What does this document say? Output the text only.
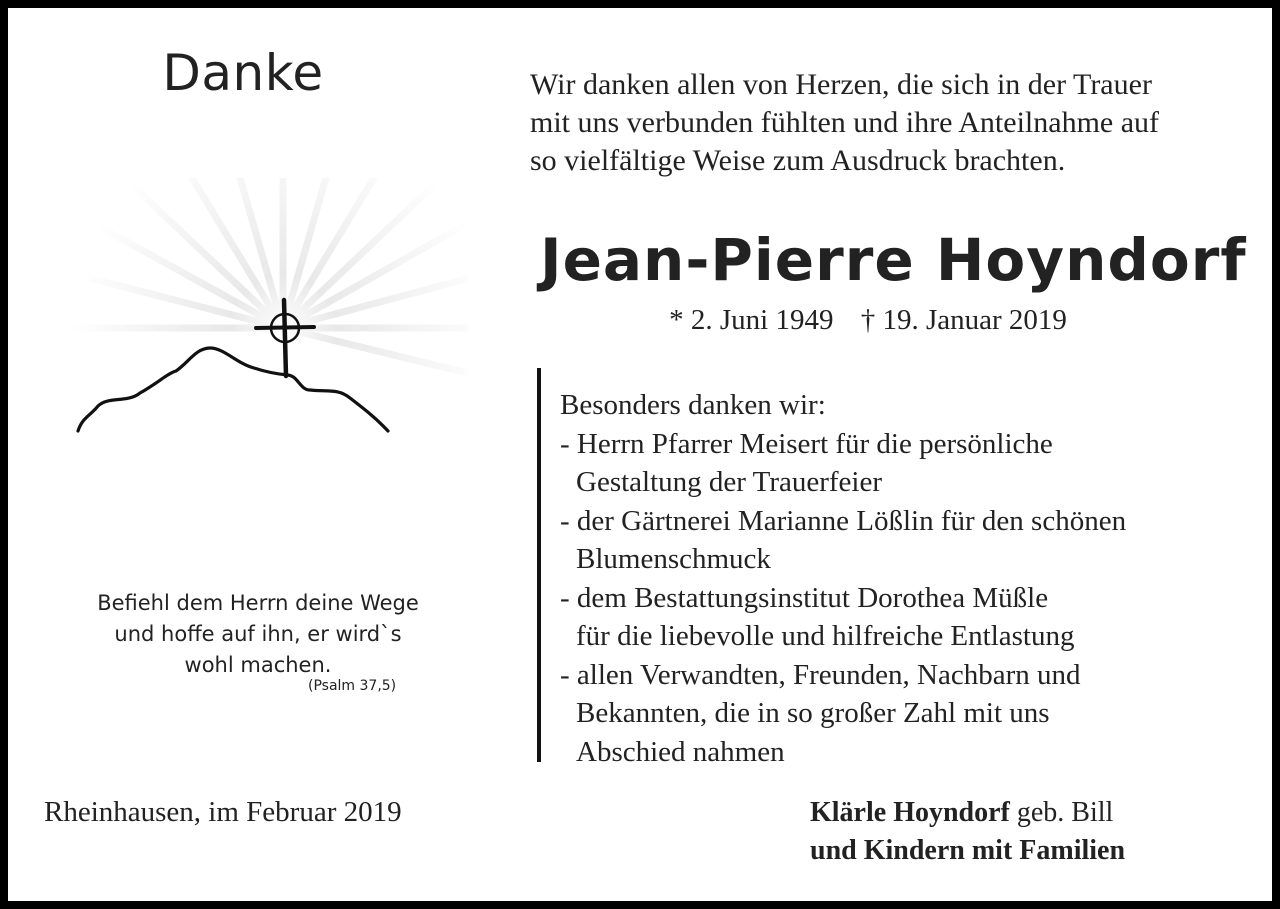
Danke	Wir danken allen von Herzen, die sich in der Trauer
mit uns verbunden fühlten und ihre Anteilnahme auf
so vielfältige Weise zum Ausdruck brachten.

Jean-Pierre Hoyndorf

* 2. Juni 1949 † 19. Januar 2019

Befiehl dem Herrn deine Wege
und hoffe auf ihn, er wird`s
wohl machen.

(Psalm 37,5)

Besonders danken wir:
- Herrn Pfarrer Meisert für die persönliche
Gestaltung der Trauerfeier
- der Gärtnerei Marianne Lößlin für den schönen
Blumenschmuck
- dem Bestattungsinstitut Dorothea Müßle
für die liebevolle und hilfreiche Entlastung
- allen Verwandten, Freunden, Nachbarn und
Bekannten, die in so großer Zahl mit uns
Abschied nahmen

Rheinhausen, im Februar 2019	Klärle Hoyndorf geb. Bill
und Kindern mit Familien
